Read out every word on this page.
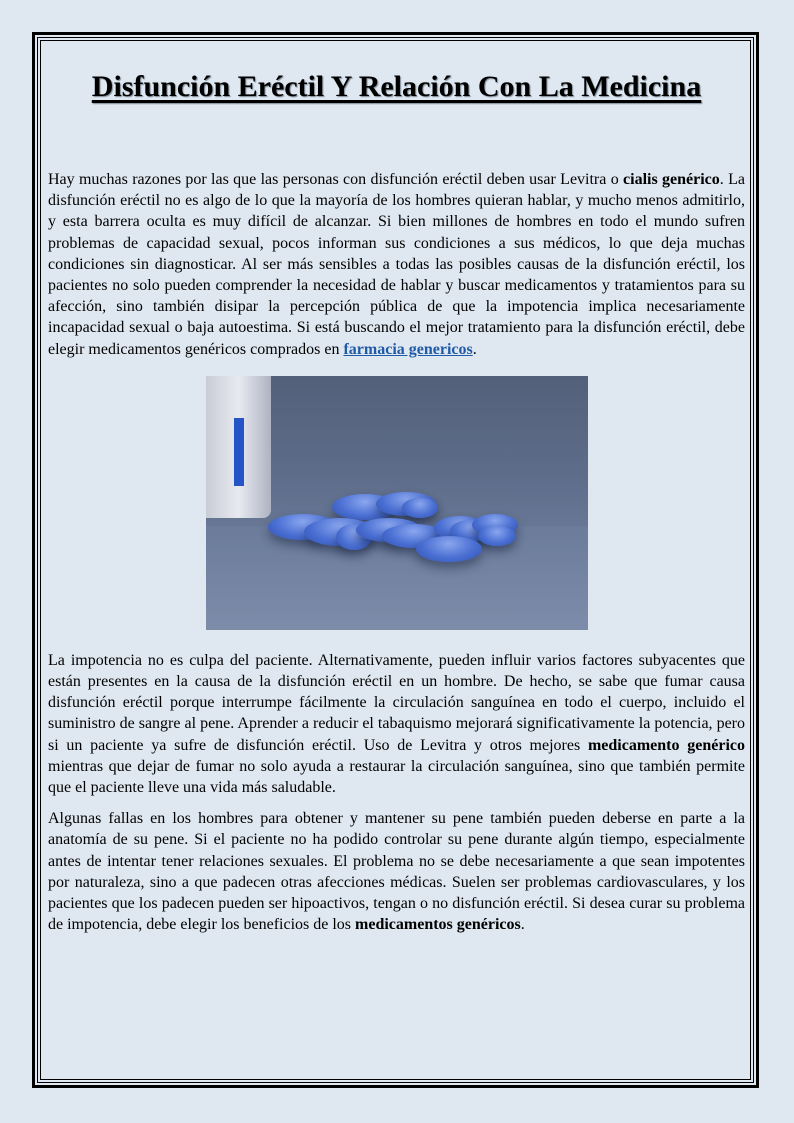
Disfunción Eréctil Y Relación Con La Medicina

Hay muchas razones por las que las personas con disfunción eréctil deben usar Levitra o cialis genérico. La disfunción eréctil no es algo de lo que la mayoría de los hombres quieran hablar, y mucho menos admitirlo, y esta barrera oculta es muy difícil de alcanzar. Si bien millones de hombres en todo el mundo sufren problemas de capacidad sexual, pocos informan sus condiciones a sus médicos, lo que deja muchas condiciones sin diagnosticar. Al ser más sensibles a todas las posibles causas de la disfunción eréctil, los pacientes no solo pueden comprender la necesidad de hablar y buscar medicamentos y tratamientos para su afección, sino también disipar la percepción pública de que la impotencia implica necesariamente incapacidad sexual o baja autoestima. Si está buscando el mejor tratamiento para la disfunción eréctil, debe elegir medicamentos genéricos comprados en farmacia genericos.

La impotencia no es culpa del paciente. Alternativamente, pueden influir varios factores subyacentes que están presentes en la causa de la disfunción eréctil en un hombre. De hecho, se sabe que fumar causa disfunción eréctil porque interrumpe fácilmente la circulación sanguínea en todo el cuerpo, incluido el suministro de sangre al pene. Aprender a reducir el tabaquismo mejorará significativamente la potencia, pero si un paciente ya sufre de disfunción eréctil. Uso de Levitra y otros mejores medicamento genérico mientras que dejar de fumar no solo ayuda a restaurar la circulación sanguínea, sino que también permite que el paciente lleve una vida más saludable.

Algunas fallas en los hombres para obtener y mantener su pene también pueden deberse en parte a la anatomía de su pene. Si el paciente no ha podido controlar su pene durante algún tiempo, especialmente antes de intentar tener relaciones sexuales. El problema no se debe necesariamente a que sean impotentes por naturaleza, sino a que padecen otras afecciones médicas. Suelen ser problemas cardiovasculares, y los pacientes que los padecen pueden ser hipoactivos, tengan o no disfunción eréctil. Si desea curar su problema de impotencia, debe elegir los beneficios de los medicamentos genéricos.
